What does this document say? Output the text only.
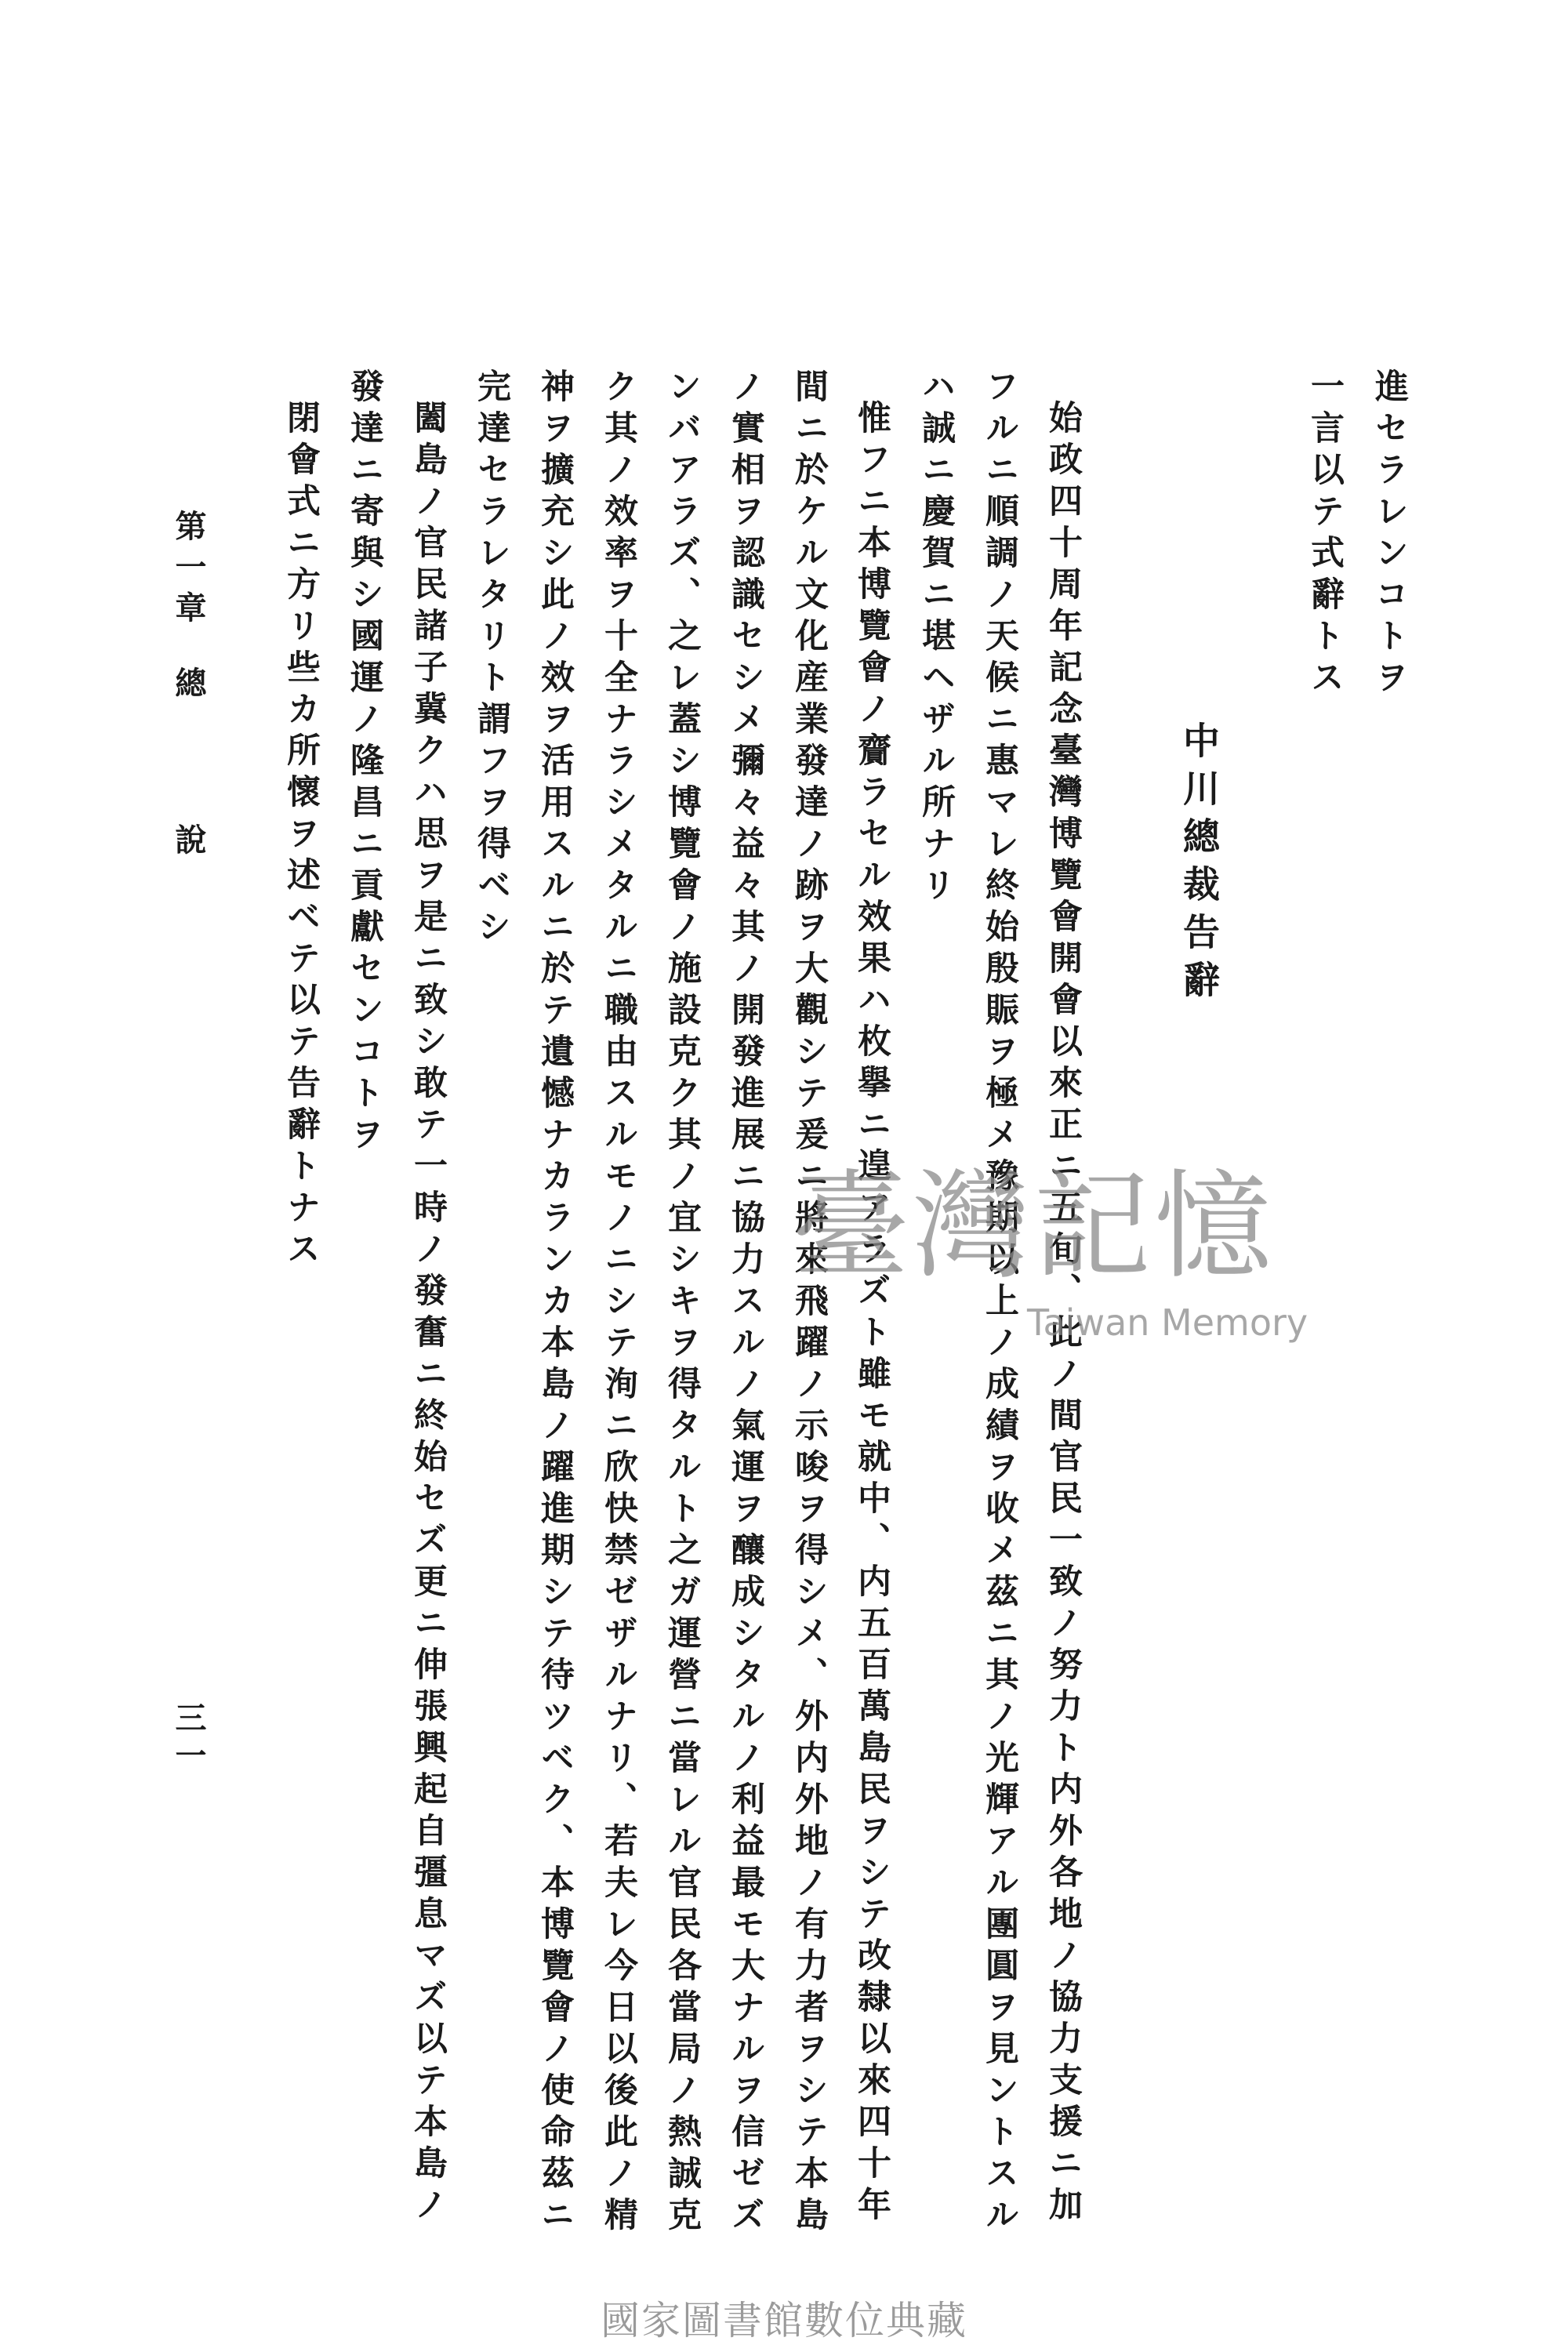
進セラレンコトヲ
一言以テ式辭トス
中川總裁告辭
始政四十周年記念臺灣博覽會開會以來正ニ五旬、此ノ間官民一致ノ努力ト内外各地ノ協力支援ニ加
フルニ順調ノ天候ニ惠マレ終始殷賑ヲ極メ豫期以上ノ成績ヲ收メ茲ニ其ノ光輝アル團圓ヲ見ントスル
ハ誠ニ慶賀ニ堪ヘザル所ナリ
惟フニ本博覽會ノ齎ラセル效果ハ枚擧ニ遑アラズト雖モ就中、内五百萬島民ヲシテ改隸以來四十年
間ニ於ケル文化産業發達ノ跡ヲ大觀シテ爰ニ將來飛躍ノ示唆ヲ得シメ、外内外地ノ有力者ヲシテ本島
ノ實相ヲ認識セシメ彌々益々其ノ開發進展ニ協力スルノ氣運ヲ釀成シタルノ利益最モ大ナルヲ信ゼズ
ンバアラズ、之レ蓋シ博覽會ノ施設克ク其ノ宜シキヲ得タルト之ガ運營ニ當レル官民各當局ノ熱誠克
ク其ノ效率ヲ十全ナラシメタルニ職由スルモノニシテ洵ニ欣快禁ゼザルナリ、若夫レ今日以後此ノ精
神ヲ擴充シ此ノ效ヲ活用スルニ於テ遺憾ナカランカ本島ノ躍進期シテ待ツベク、本博覽會ノ使命茲ニ
完達セラレタリト謂フヲ得ベシ
闔島ノ官民諸子冀クハ思ヲ是ニ致シ敢テ一時ノ發奮ニ終始セズ更ニ伸張興起自彊息マズ以テ本島ノ
發達ニ寄與シ國運ノ隆昌ニ貢獻センコトヲ
閉會式ニ方リ些カ所懷ヲ述ベテ以テ告辭トナス
第一章
總
說
三一
臺灣記憶
Taiwan Memory
國家圖書館數位典藏
